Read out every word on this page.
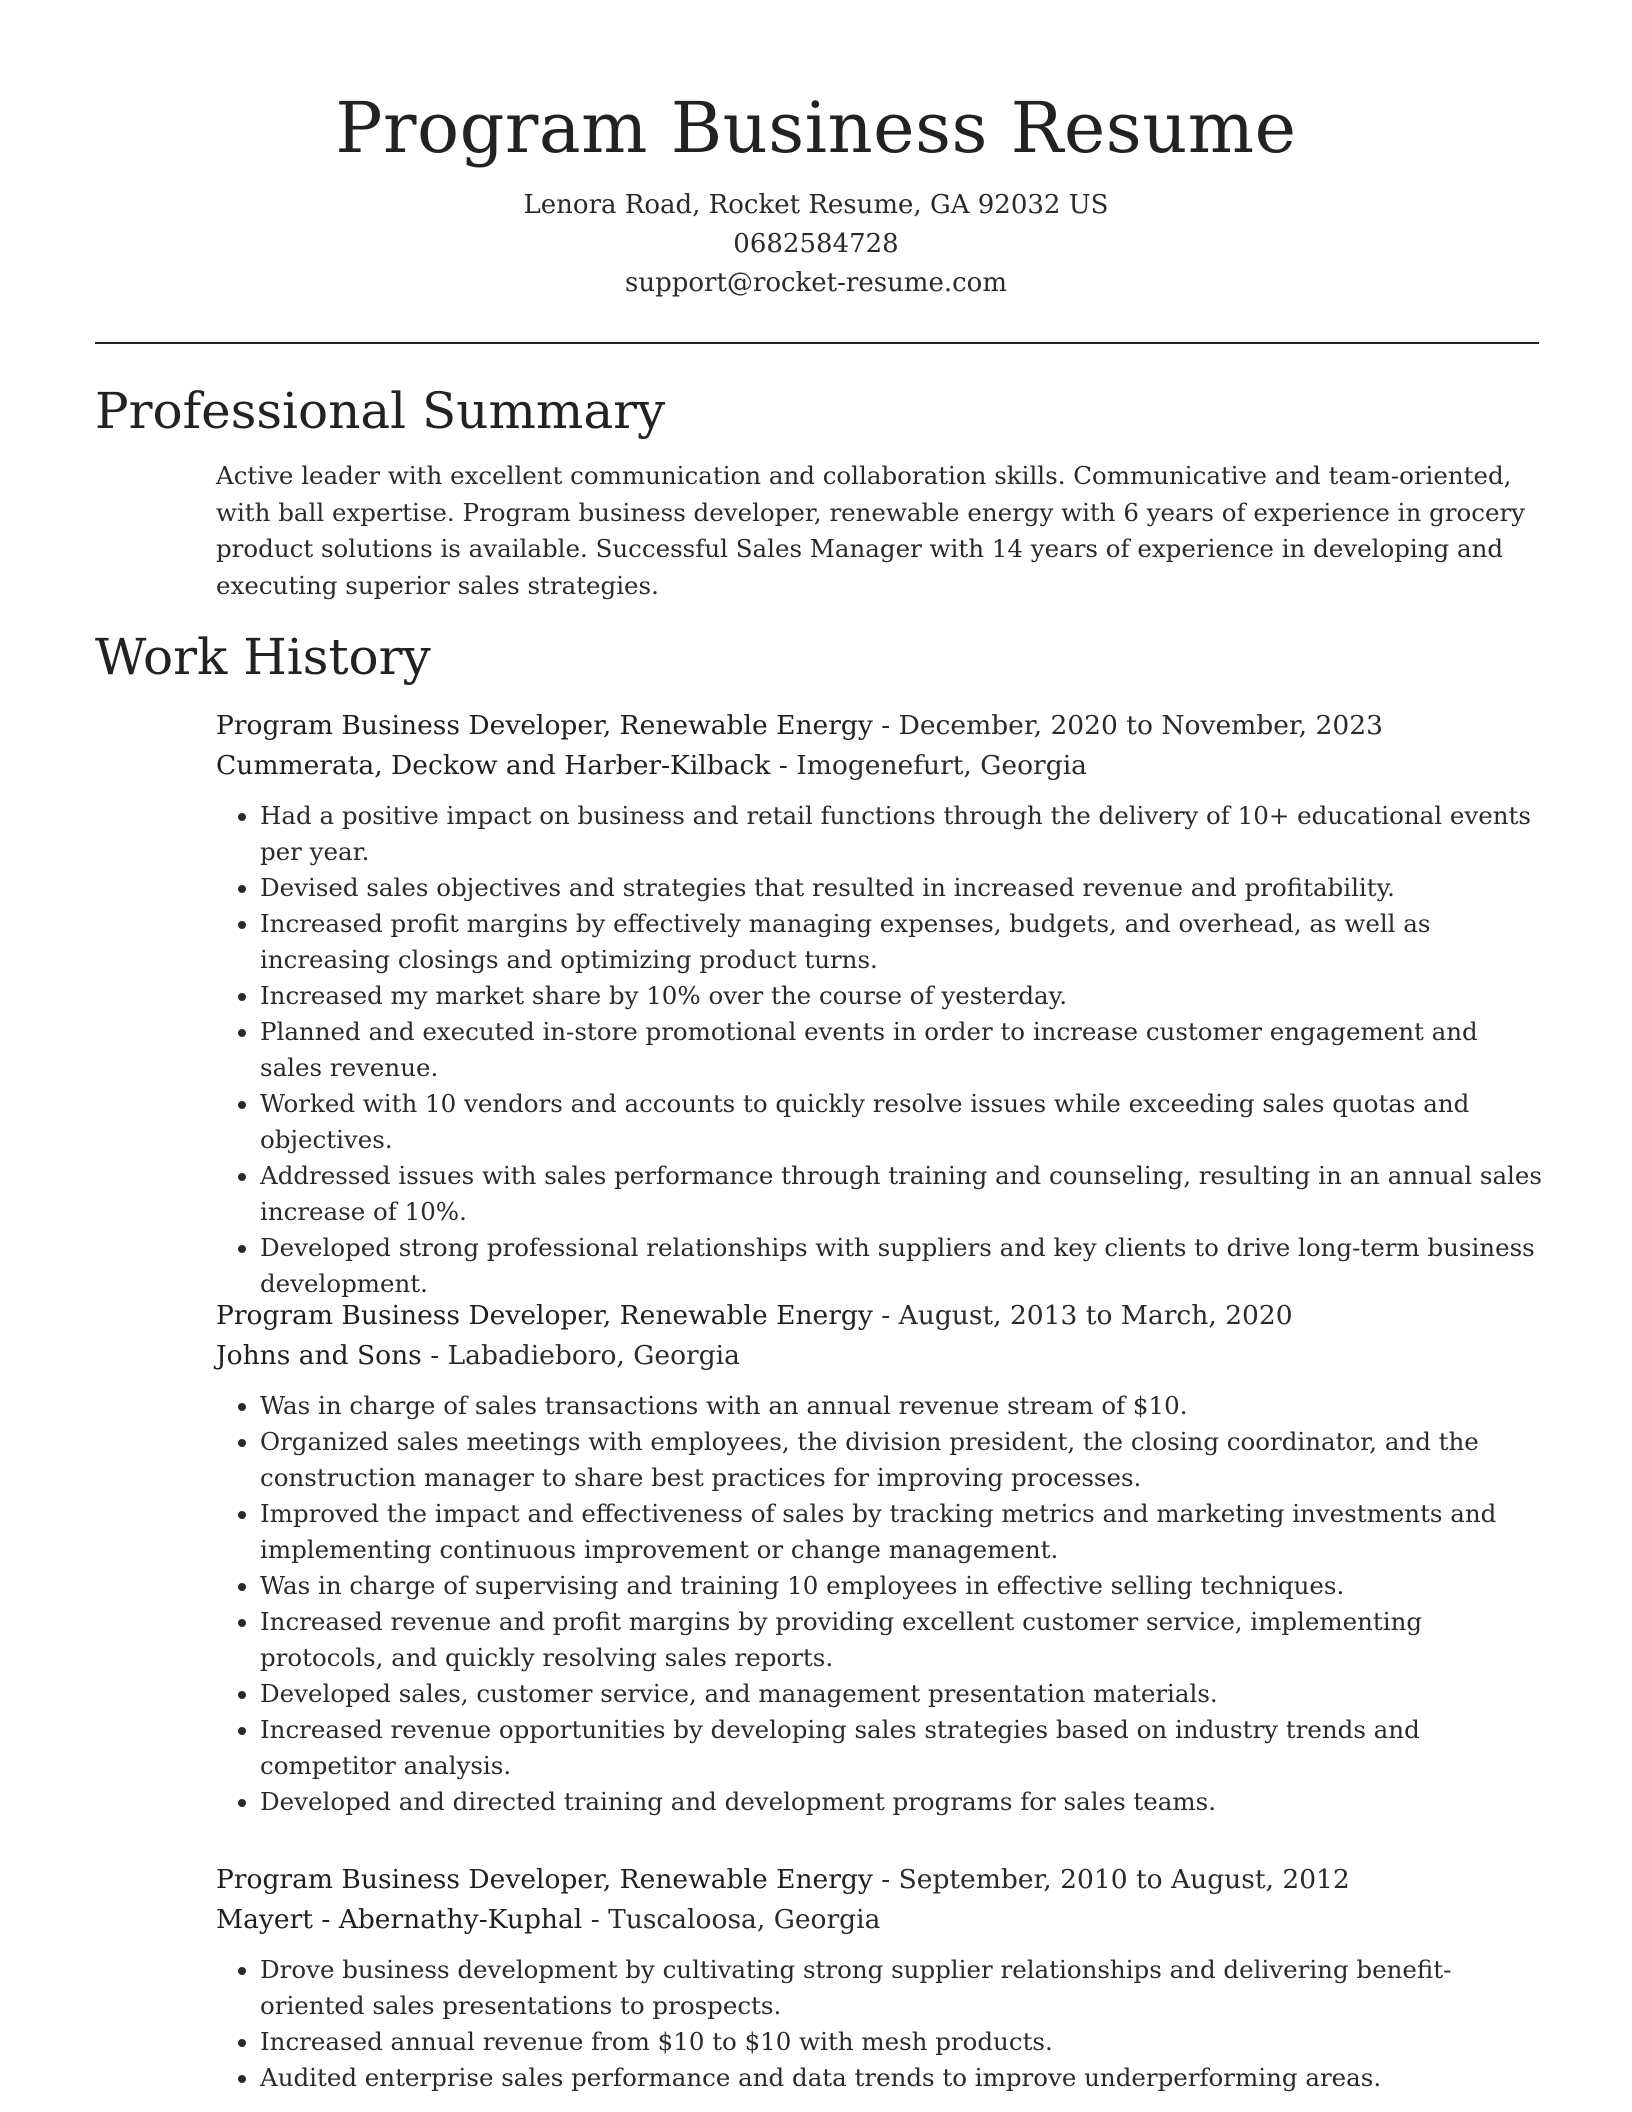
Program Business Resume
Lenora Road, Rocket Resume, GA 92032 US
0682584728
support@rocket-resume.com
Professional Summary

Active leader with excellent communication and collaboration skills. Communicative and team-oriented, with ball expertise. Program business developer, renewable energy with 6 years of experience in grocery product solutions is available. Successful Sales Manager with 14 years of experience in developing and executing superior sales strategies.

Work History
Program Business Developer, Renewable Energy - December, 2020 to November, 2023
Cummerata, Deckow and Harber-Kilback - Imogenefurt, Georgia
• Had a positive impact on business and retail functions through the delivery of 10+ educational events per year.
• Devised sales objectives and strategies that resulted in increased revenue and profitability.
• Increased profit margins by effectively managing expenses, budgets, and overhead, as well as increasing closings and optimizing product turns.
• Increased my market share by 10% over the course of yesterday.
• Planned and executed in-store promotional events in order to increase customer engagement and sales revenue.
• Worked with 10 vendors and accounts to quickly resolve issues while exceeding sales quotas and objectives.
• Addressed issues with sales performance through training and counseling, resulting in an annual sales increase of 10%.
• Developed strong professional relationships with suppliers and key clients to drive long-term business development.
Program Business Developer, Renewable Energy - August, 2013 to March, 2020
Johns and Sons - Labadieboro, Georgia
• Was in charge of sales transactions with an annual revenue stream of $10.
• Organized sales meetings with employees, the division president, the closing coordinator, and the construction manager to share best practices for improving processes.
• Improved the impact and effectiveness of sales by tracking metrics and marketing investments and implementing continuous improvement or change management.
• Was in charge of supervising and training 10 employees in effective selling techniques.
• Increased revenue and profit margins by providing excellent customer service, implementing protocols, and quickly resolving sales reports.
• Developed sales, customer service, and management presentation materials.
• Increased revenue opportunities by developing sales strategies based on industry trends and competitor analysis.
• Developed and directed training and development programs for sales teams.
Program Business Developer, Renewable Energy - September, 2010 to August, 2012
Mayert - Abernathy-Kuphal - Tuscaloosa, Georgia
• Drove business development by cultivating strong supplier relationships and delivering benefit-oriented sales presentations to prospects.
• Increased annual revenue from $10 to $10 with mesh products.
• Audited enterprise sales performance and data trends to improve underperforming areas.
